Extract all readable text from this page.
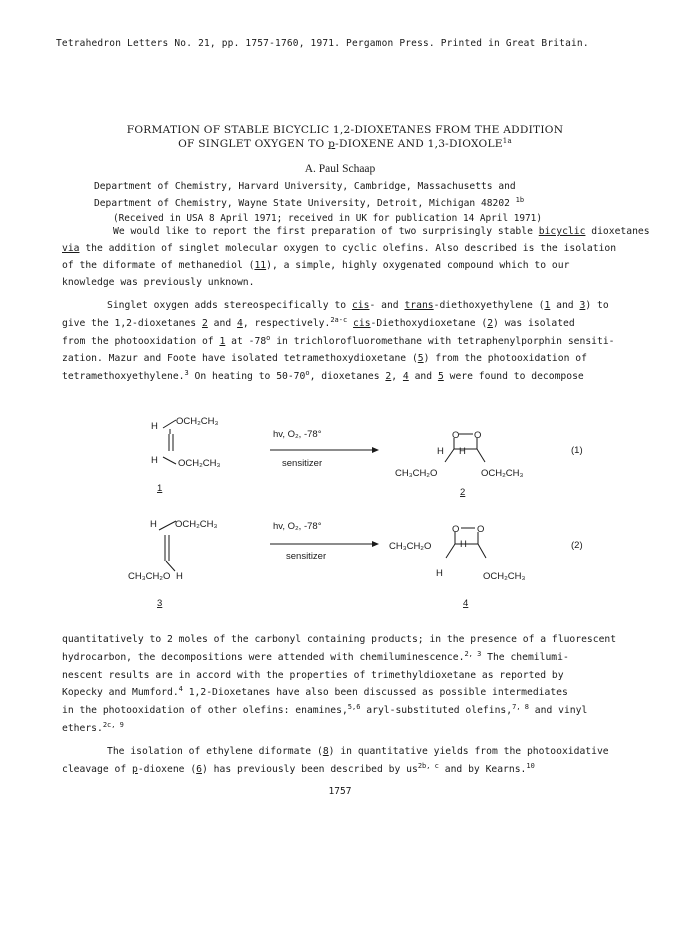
Tetrahedron Letters No. 21, pp. 1757-1760, 1971. Pergamon Press. Printed in Great Britain.
FORMATION OF STABLE BICYCLIC 1,2-DIOXETANES FROM THE ADDITION
OF SINGLET OXYGEN TO p-DIOXENE AND $1,3-DIOXOLE^{1a}$
A. Paul Schaap
Department of Chemistry, Harvard University, Cambridge, Massachusetts and
Department of Chemistry, Wayne State University, Detroit, Michigan 48202 $^{1b}$
(Received in USA 8 April 1971; received in UK for publication 14 April 1971)
We would like to report the first preparation of two surprisingly stable bicyclic dioxetanes
via the addition of singlet molecular oxygen to cyclic olefins. Also described is the isolation
of the diformate of methanediol (11), a simple, highly oxygenated compound which to our
knowledge was previously unknown.
Singlet oxygen adds stereospecifically to cis- and trans-diethoxyethylene (1 and 3) to
give the 1,2-dioxetanes 2 and 4, respectively.$^{2a-c}$ cis-Diethoxydioxetane (2) was isolated
from the photooxidation of 1 at -78$^o$ in trichlorofluoromethane with tetraphenylporphin sensiti-
zation. Mazur and Foote have isolated tetramethoxydioxetane (5) from the photooxidation of
tetramethoxyethylene.$^3$ On heating to 50-70$^o$, dioxetanes 2, 4 and 5 were found to decompose
H OCH₂CH₃
H OCH₂CH₃
1
hv, O₂, -78°
sensitizer
O O
H H
CH₃CH₂O	OCH₂CH₃
2
(1)
H OCH₂CH₃
CH₃CH₂O H
3
hv, O₂, -78°
sensitizer
O O
CH₃CH₂O	H
H	OCH₂CH₃
4
(2)
quantitatively to 2 moles of the carbonyl containing products; in the presence of a fluorescent
hydrocarbon, the decompositions were attended with chemiluminescence.$^{2, 3}$ The chemilumi-
nescent results are in accord with the properties of trimethyldioxetane as reported by
Kopecky and Mumford.$^4$ 1,2-Dioxetanes have also been discussed as possible intermediates
in the photooxidation of other olefins: enamines,$^{5,6}$ aryl-substituted olefins,$^{7, 8}$ and vinyl
ethers.$^{2c, 9}$
The isolation of ethylene diformate (8) in quantitative yields from the photooxidative
cleavage of p-dioxene (6) has previously been described by $us^{2b, c}$ and by Kearns.$^{10}$
1757
